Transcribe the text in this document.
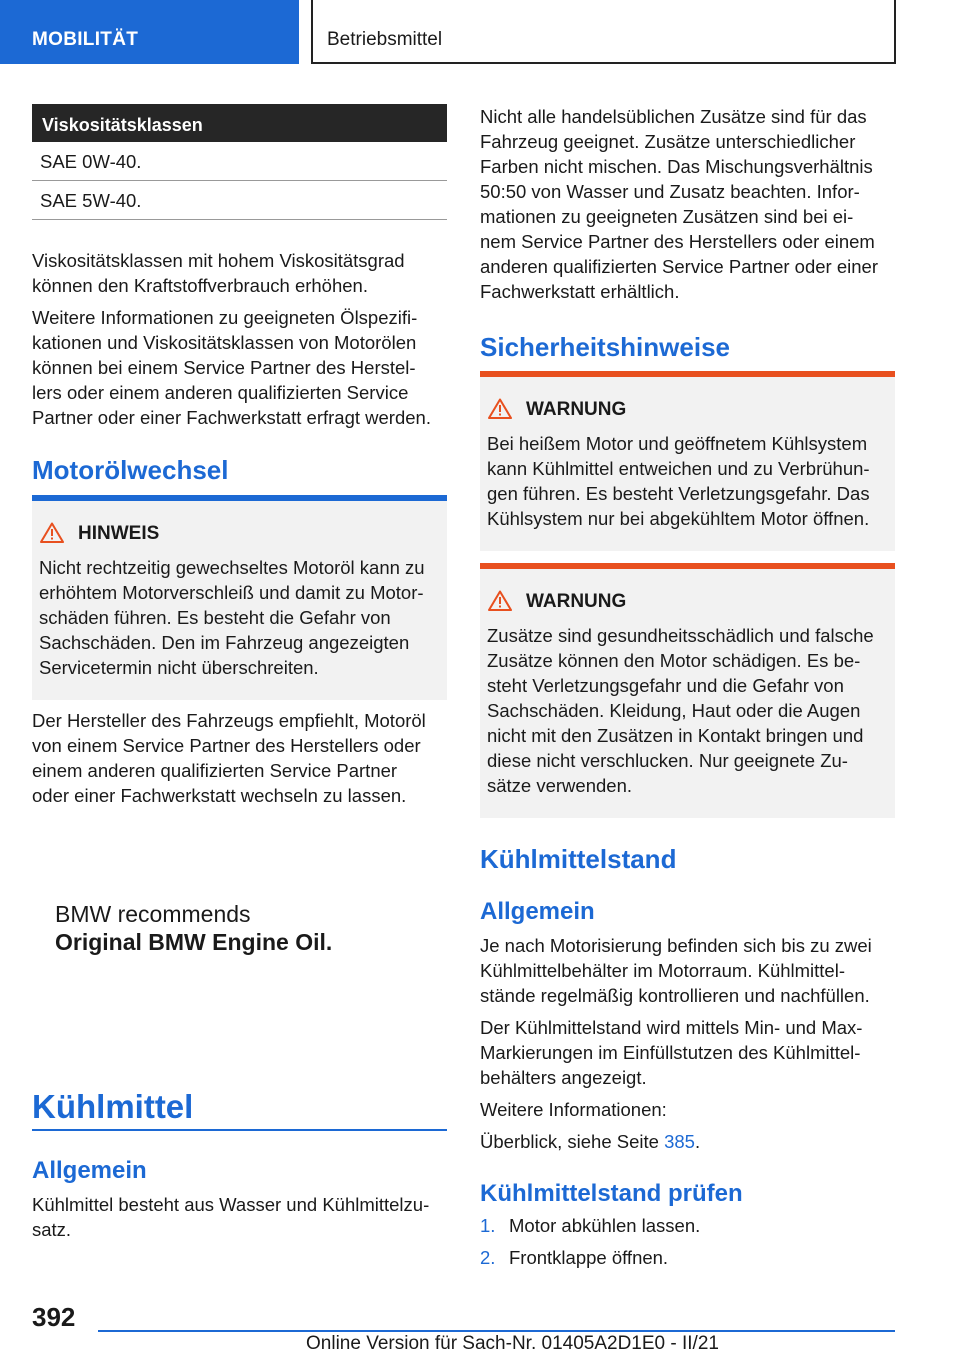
MOBILITÄT	Betriebsmittel
Viskositätsklassen
SAE 0W-40.
SAE 5W-40.

Viskositätsklassen mit hohem Viskositätsgrad
können den Kraftstoffverbrauch erhöhen.

Weitere Informationen zu geeigneten Ölspezifi-
kationen und Viskositätsklassen von Motorölen
können bei einem Service Partner des Herstel-
lers oder einem anderen qualifizierten Service
Partner oder einer Fachwerkstatt erfragt werden.

Motorölwechsel
HINWEIS

Nicht rechtzeitig gewechseltes Motoröl kann zu
erhöhtem Motorverschleiß und damit zu Motor-
schäden führen. Es besteht die Gefahr von
Sachschäden. Den im Fahrzeug angezeigten
Servicetermin nicht überschreiten.

Der Hersteller des Fahrzeugs empfiehlt, Motoröl
von einem Service Partner des Herstellers oder
einem anderen qualifizierten Service Partner
oder einer Fachwerkstatt wechseln zu lassen.

BMW recommends
Original BMW Engine Oil.
Kühlmittel
Allgemein

Kühlmittel besteht aus Wasser und Kühlmittelzu-
satz.

Nicht alle handelsüblichen Zusätze sind für das
Fahrzeug geeignet. Zusätze unterschiedlicher
Farben nicht mischen. Das Mischungsverhältnis
50:50 von Wasser und Zusatz beachten. Infor-
mationen zu geeigneten Zusätzen sind bei ei-
nem Service Partner des Herstellers oder einem
anderen qualifizierten Service Partner oder einer
Fachwerkstatt erhältlich.

Sicherheitshinweise
WARNUNG

Bei heißem Motor und geöffnetem Kühlsystem
kann Kühlmittel entweichen und zu Verbrühun-
gen führen. Es besteht Verletzungsgefahr. Das
Kühlsystem nur bei abgekühltem Motor öffnen.

WARNUNG

Zusätze sind gesundheitsschädlich und falsche
Zusätze können den Motor schädigen. Es be-
steht Verletzungsgefahr und die Gefahr von
Sachschäden. Kleidung, Haut oder die Augen
nicht mit den Zusätzen in Kontakt bringen und
diese nicht verschlucken. Nur geeignete Zu-
sätze verwenden.

Kühlmittelstand
Allgemein

Je nach Motorisierung befinden sich bis zu zwei
Kühlmittelbehälter im Motorraum. Kühlmittel-
stände regelmäßig kontrollieren und nachfüllen.

Der Kühlmittelstand wird mittels Min- und Max-
Markierungen im Einfüllstutzen des Kühlmittel-
behälters angezeigt.

Weitere Informationen:

Überblick, siehe Seite 385.

Kühlmittelstand prüfen
1. Motor abkühlen lassen.
2. Frontklappe öffnen.
392
Online Version für Sach-Nr. 01405A2D1E0 - II/21
